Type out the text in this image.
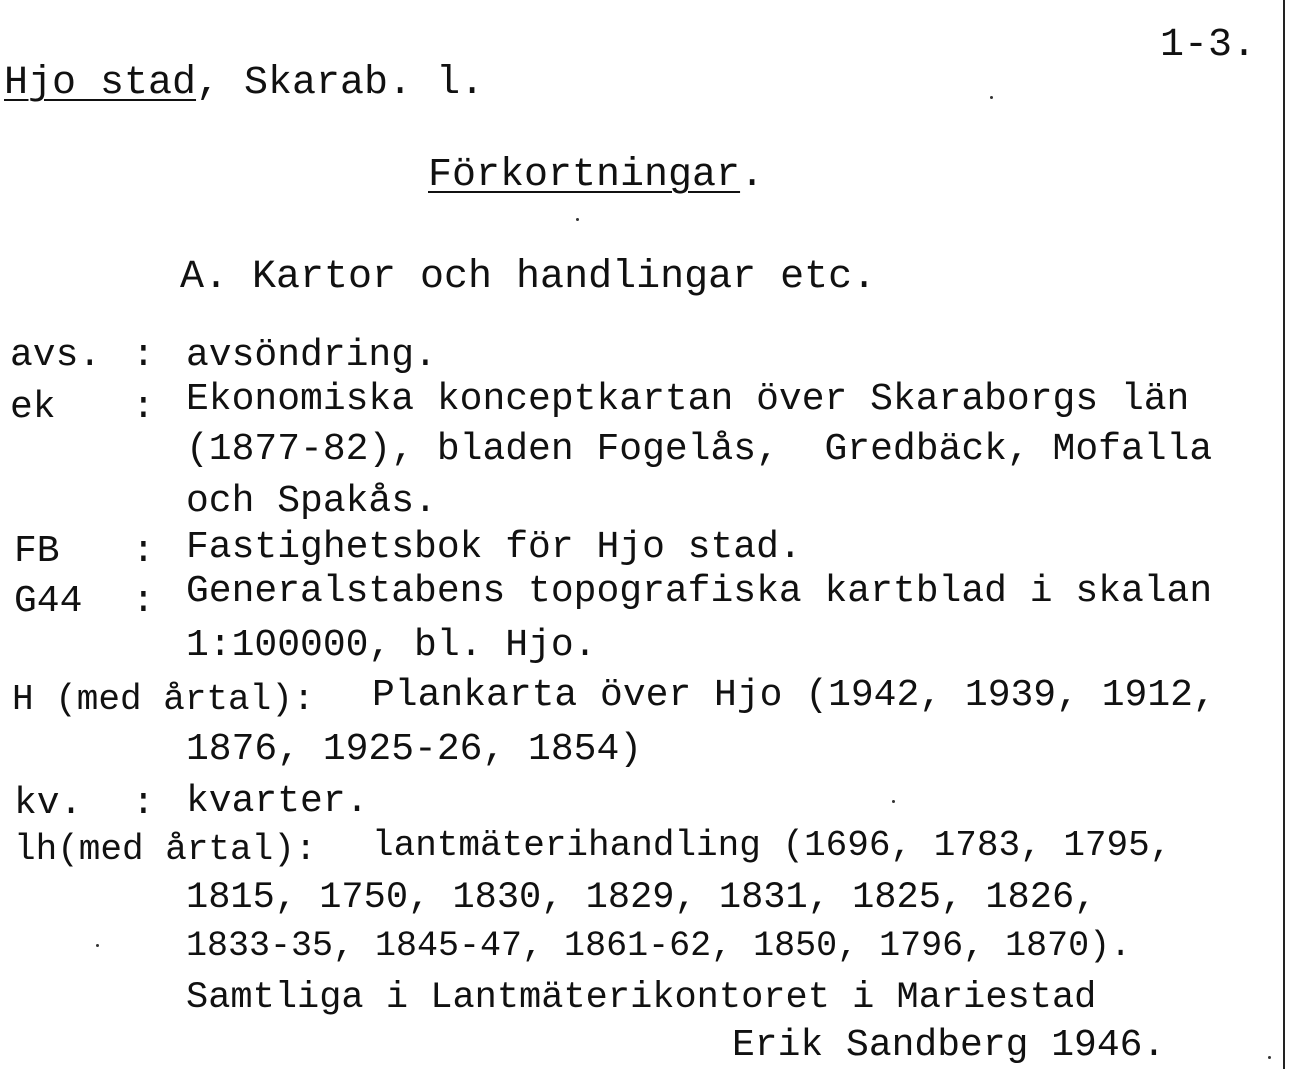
Hjo stad, Skarab. l.
1-3.
Förkortningar.
A. Kartor och handlingar etc.
avs. : avsöndring.
ek : Ekonomiska konceptkartan över Skaraborgs län
(1877-82), bladen Fogelås,  Gredbäck, Mofalla
och Spakås.
FB : Fastighetsbok för Hjo stad.
G44 : Generalstabens topografiska kartblad i skalan
1:100000, bl. Hjo.
H (med årtal): Plankarta över Hjo (1942, 1939, 1912,
1876, 1925-26, 1854)
kv. : kvarter.
lh(med årtal): lantmäterihandling (1696, 1783, 1795,
1815, 1750, 1830, 1829, 1831, 1825, 1826,
1833-35, 1845-47, 1861-62, 1850, 1796, 1870).
Samtliga i Lantmäterikontoret i Mariestad
Erik Sandberg 1946.
